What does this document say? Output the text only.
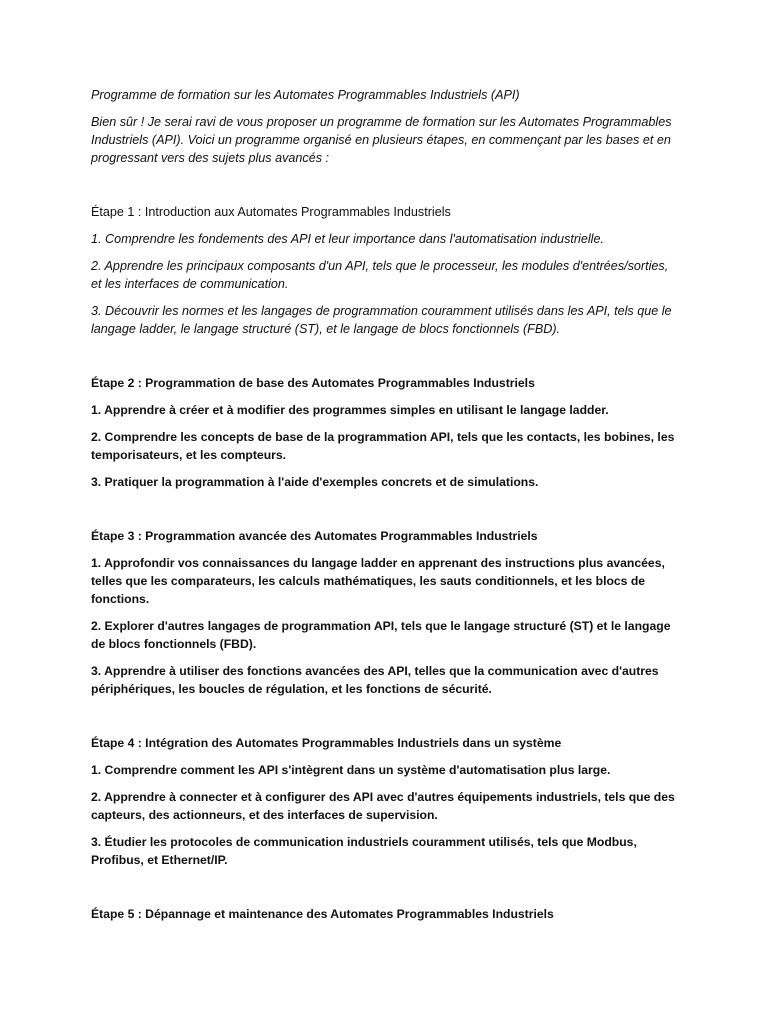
Programme de formation sur les Automates Programmables Industriels (API)

Bien sûr ! Je serai ravi de vous proposer un programme de formation sur les Automates Programmables Industriels (API). Voici un programme organisé en plusieurs étapes, en commençant par les bases et en progressant vers des sujets plus avancés :

Étape 1 : Introduction aux Automates Programmables Industriels

1. Comprendre les fondements des API et leur importance dans l'automatisation industrielle.

2. Apprendre les principaux composants d'un API, tels que le processeur, les modules d'entrées/sorties, et les interfaces de communication.

3. Découvrir les normes et les langages de programmation couramment utilisés dans les API, tels que le langage ladder, le langage structuré (ST), et le langage de blocs fonctionnels (FBD).

Étape 2 : Programmation de base des Automates Programmables Industriels

1. Apprendre à créer et à modifier des programmes simples en utilisant le langage ladder.

2. Comprendre les concepts de base de la programmation API, tels que les contacts, les bobines, les temporisateurs, et les compteurs.

3. Pratiquer la programmation à l'aide d'exemples concrets et de simulations.

Étape 3 : Programmation avancée des Automates Programmables Industriels

1. Approfondir vos connaissances du langage ladder en apprenant des instructions plus avancées, telles que les comparateurs, les calculs mathématiques, les sauts conditionnels, et les blocs de fonctions.

2. Explorer d'autres langages de programmation API, tels que le langage structuré (ST) et le langage de blocs fonctionnels (FBD).

3. Apprendre à utiliser des fonctions avancées des API, telles que la communication avec d'autres périphériques, les boucles de régulation, et les fonctions de sécurité.

Étape 4 : Intégration des Automates Programmables Industriels dans un système

1. Comprendre comment les API s'intègrent dans un système d'automatisation plus large.

2. Apprendre à connecter et à configurer des API avec d'autres équipements industriels, tels que des capteurs, des actionneurs, et des interfaces de supervision.

3. Étudier les protocoles de communication industriels couramment utilisés, tels que Modbus, Profibus, et Ethernet/IP.

Étape 5 : Dépannage et maintenance des Automates Programmables Industriels
